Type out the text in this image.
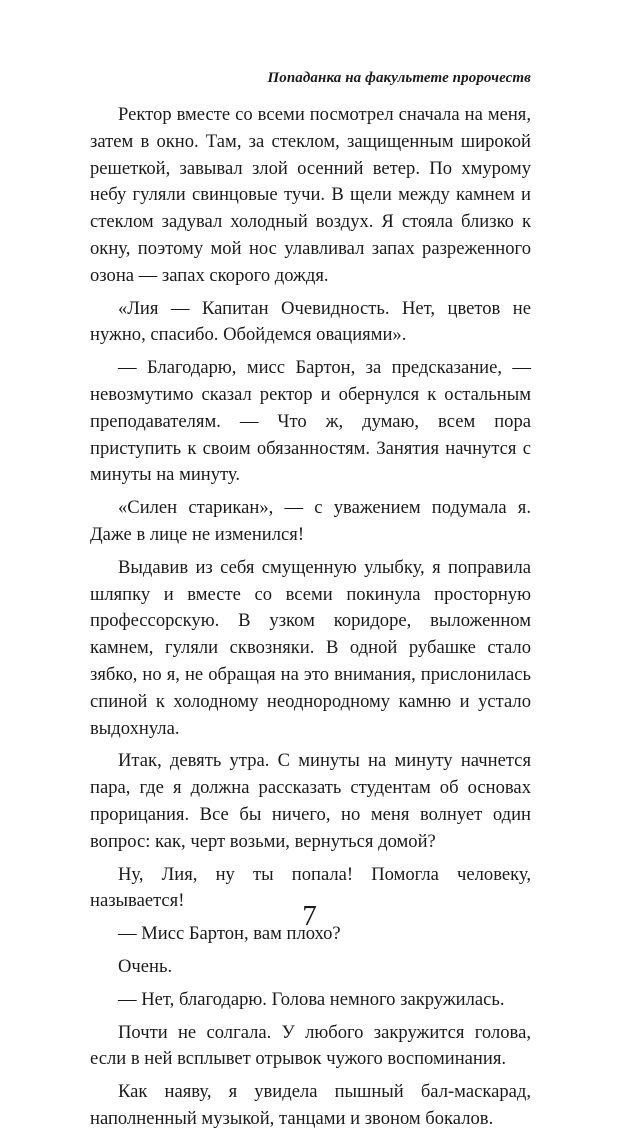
Попаданка на факультете пророчеств

Ректор вместе со всеми посмотрел сначала на меня, затем в окно. Там, за стеклом, защищенным широкой решеткой, завывал злой осенний ветер. По хмурому небу гуляли свинцовые тучи. В щели между камнем и стеклом задувал холодный воздух. Я стояла близко к окну, поэтому мой нос улавливал запах разреженного озона — запах скорого дождя.

«Лия — Капитан Очевидность. Нет, цветов не нужно, спасибо. Обойдемся овациями».

— Благодарю, мисс Бартон, за предсказание, — невозмутимо сказал ректор и обернулся к остальным преподавателям. — Что ж, думаю, всем пора приступить к своим обязанностям. Занятия начнутся с минуты на минуту.

«Силен старикан», — с уважением подумала я. Даже в лице не изменился!

Выдавив из себя смущенную улыбку, я поправила шляпку и вместе со всеми покинула просторную профессорскую. В узком коридоре, выложенном камнем, гуляли сквозняки. В одной рубашке стало зябко, но я, не обращая на это внимания, прислонилась спиной к холодному неоднородному камню и устало выдохнула.

Итак, девять утра. С минуты на минуту начнется пара, где я должна рассказать студентам об основах прорицания. Все бы ничего, но меня волнует один вопрос: как, черт возьми, вернуться домой?

Ну, Лия, ну ты попала! Помогла человеку, называется!

— Мисс Бартон, вам плохо?

Очень.

— Нет, благодарю. Голова немного закружилась.

Почти не солгала. У любого закружится голова, если в ней всплывет отрывок чужого воспоминания.

Как наяву, я увидела пышный бал-маскарад, наполненный музыкой, танцами и звоном бокалов.

7
